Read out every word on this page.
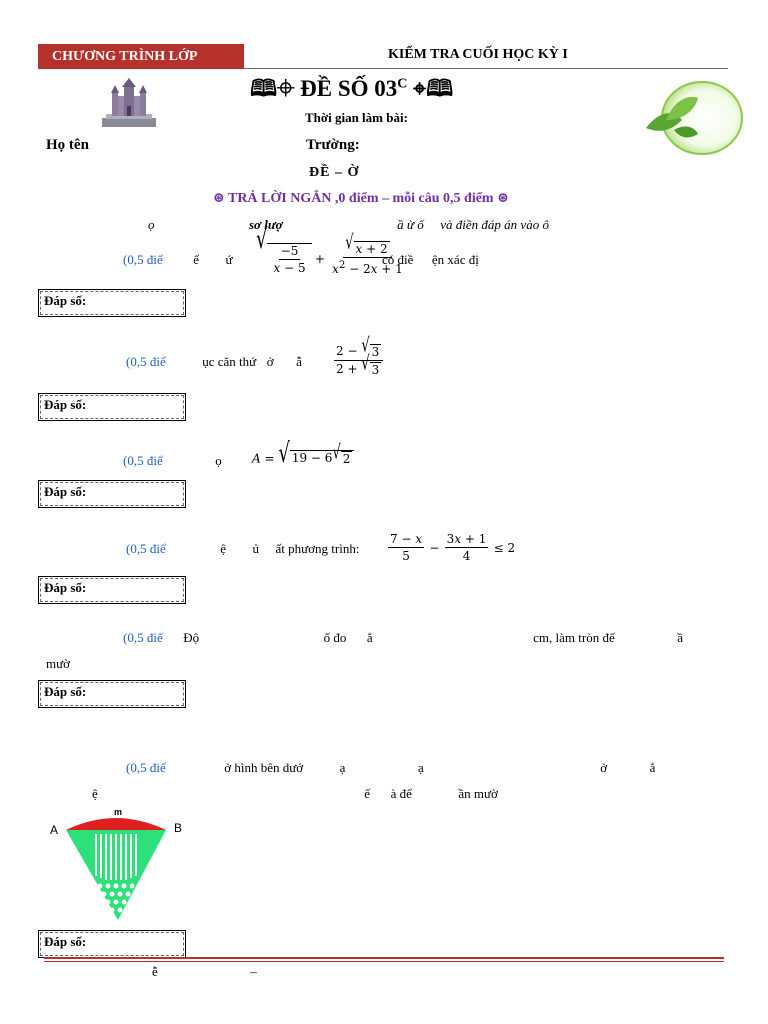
CHƯƠNG TRÌNH LỚP	KIỂM TRA CUỐI HỌC KỲ I
🕮⌖ ĐỀ SỐ $03^C$ ⌖🕮
Thời gian làm bài:
Họ tên	Trường:
ĐỀ – Ờ
⊛ TRẢ LỜI NGẮN ,0 điểm – mỗi câu 0,5 điểm ⊛
ọ	sơ lượ	ầ ừ ố và điền đáp án vào ô
(0,5 điể ể ứ
√
$\frac{-5}{x - 5} + \frac{√ x + 2}{x^2 - 2x + 1}$
có điề ện xác đị
Đáp số:
(0,5 điể	ục căn thứ ở ẫ	$\frac{2 - √ 3}{2 + √ 3}$
Đáp số:
(0,5 điể	ọ	A = √ 19 − 6 √ 2
Đáp số:
(0,5 điể	ệ ủ ất phương trình: $\frac{7 - x}{5} - \frac{3x + 1}{4} \le 2$
Đáp số:
(0,5 điể Độ	ố đo ẳ	cm, làm tròn đế	ầ
mườ
Đáp số:
(0,5 điể	ở hình bên dướ	ạ	ạ	ở	ẳ
ệ	ế à để	ần mườ
A	B
m
Đáp số:
ễ	–
